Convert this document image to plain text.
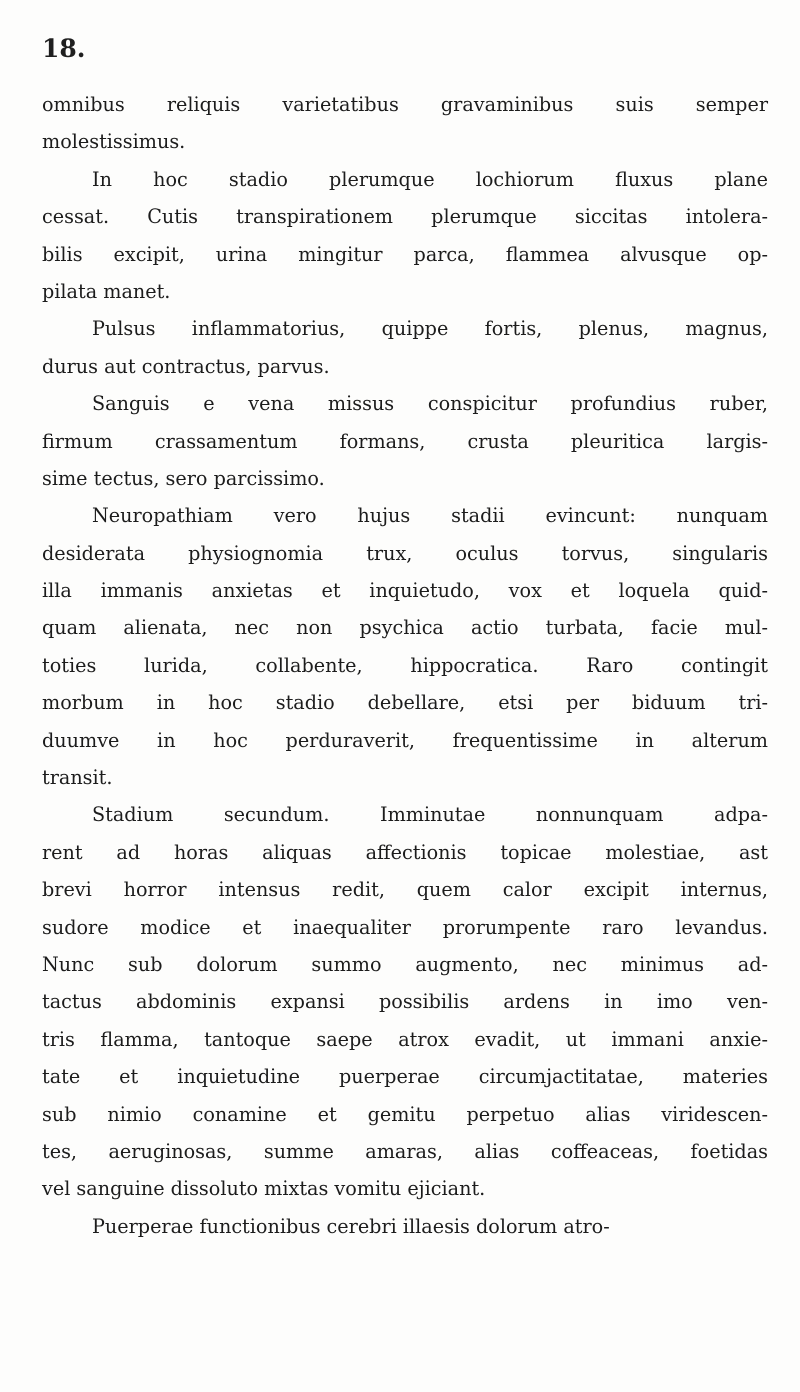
18.

omnibus reliquis varietatibus gravaminibus suis semper
molestissimus.

In hoc stadio plerumque lochiorum fluxus plane
cessat. Cutis transpirationem plerumque siccitas intolera-
bilis excipit, urina mingitur parca, flammea alvusque op-
pilata manet.

Pulsus inflammatorius, quippe fortis, plenus, magnus,
durus aut contractus, parvus.

Sanguis e vena missus conspicitur profundius ruber,
firmum crassamentum formans, crusta pleuritica largis-
sime tectus, sero parcissimo.

Neuropathiam vero hujus stadii evincunt: nunquam
desiderata physiognomia trux, oculus torvus, singularis
illa immanis anxietas et inquietudo, vox et loquela quid-
quam alienata, nec non psychica actio turbata, facie mul-
toties lurida, collabente, hippocratica. Raro contingit
morbum in hoc stadio debellare, etsi per biduum tri-
duumve in hoc perduraverit, frequentissime in alterum
transit.

Stadium secundum. Imminutae nonnunquam adpa-
rent ad horas aliquas affectionis topicae molestiae, ast
brevi horror intensus redit, quem calor excipit internus,
sudore modice et inaequaliter prorumpente raro levandus.
Nunc sub dolorum summo augmento, nec minimus ad-
tactus abdominis expansi possibilis ardens in imo ven-
tris flamma, tantoque saepe atrox evadit, ut immani anxie-
tate et inquietudine puerperae circumjactitatae, materies
sub nimio conamine et gemitu perpetuo alias viridescen-
tes, aeruginosas, summe amaras, alias coffeaceas, foetidas
vel sanguine dissoluto mixtas vomitu ejiciant.

Puerperae functionibus cerebri illaesis dolorum atro-
